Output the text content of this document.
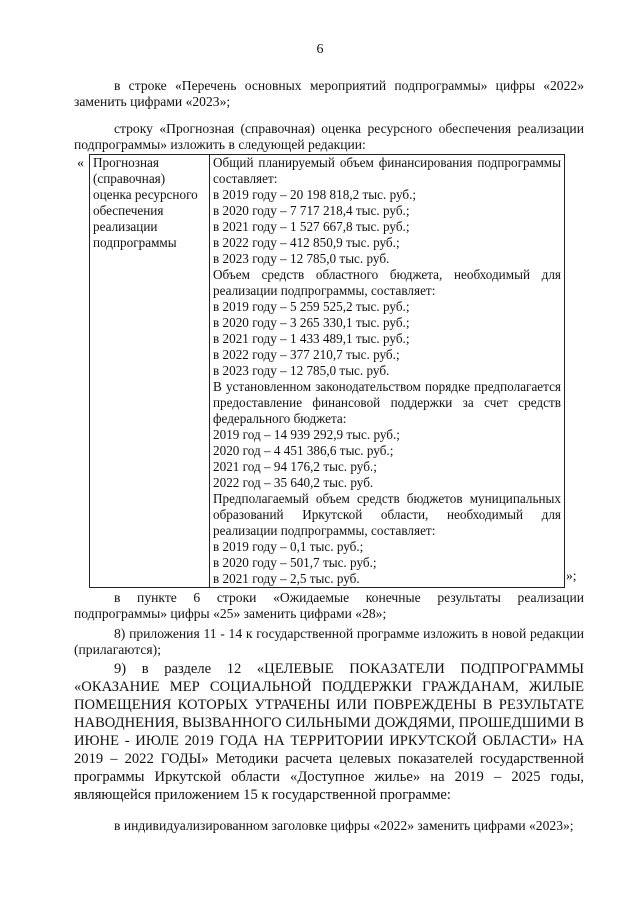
6

в строке «Перечень основных мероприятий подпрограммы» цифры «2022» заменить цифрами «2023»;

строку «Прогнозная (справочная) оценка ресурсного обеспечения реализации подпрограммы» изложить в следующей редакции:

« Прогнозная (справочная) оценка ресурсного обеспечения реализации подпрограммы	
Общий планируемый объем финансирования подпрограммы составляет:
в 2019 году – 20 198 818,2 тыс. руб.;
в 2020 году – 7 717 218,4 тыс. руб.;
в 2021 году – 1 527 667,8 тыс. руб.;
в 2022 году – 412 850,9 тыс. руб.;
в 2023 году – 12 785,0 тыс. руб.
Объем средств областного бюджета, необходимый для реализации подпрограммы, составляет:
в 2019 году – 5 259 525,2 тыс. руб.;
в 2020 году – 3 265 330,1 тыс. руб.;
в 2021 году – 1 433 489,1 тыс. руб.;
в 2022 году – 377 210,7 тыс. руб.;
в 2023 году – 12 785,0 тыс. руб.
В установленном законодательством порядке предполагается предоставление финансовой поддержки за счет средств федерального бюджета:
2019 год – 14 939 292,9 тыс. руб.;
2020 год – 4 451 386,6 тыс. руб.;
2021 год – 94 176,2 тыс. руб.;
2022 год – 35 640,2 тыс. руб.
Предполагаемый объем средств бюджетов муниципальных образований Иркутской области, необходимый для реализации подпрограммы, составляет:
в 2019 году – 0,1 тыс. руб.;
в 2020 году – 501,7 тыс. руб.;
в 2021 году – 2,5 тыс. руб.	»;

в пункте 6 строки «Ожидаемые конечные результаты реализации подпрограммы» цифры «25» заменить цифрами «28»;

8) приложения 11 - 14 к государственной программе изложить в новой редакции (прилагаются);

9) в разделе 12 «ЦЕЛЕВЫЕ ПОКАЗАТЕЛИ ПОДПРОГРАММЫ «ОКАЗАНИЕ МЕР СОЦИАЛЬНОЙ ПОДДЕРЖКИ ГРАЖДАНАМ, ЖИЛЫЕ ПОМЕЩЕНИЯ КОТОРЫХ УТРАЧЕНЫ ИЛИ ПОВРЕЖДЕНЫ В РЕЗУЛЬТАТЕ НАВОДНЕНИЯ, ВЫЗВАННОГО СИЛЬНЫМИ ДОЖДЯМИ, ПРОШЕДШИМИ В ИЮНЕ - ИЮЛЕ 2019 ГОДА НА ТЕРРИТОРИИ ИРКУТСКОЙ ОБЛАСТИ» НА 2019 – 2022 ГОДЫ» Методики расчета целевых показателей государственной программы Иркутской области «Доступное жилье» на 2019 – 2025 годы, являющейся приложением 15 к государственной программе:

в индивидуализированном заголовке цифры «2022» заменить цифрами «2023»;
